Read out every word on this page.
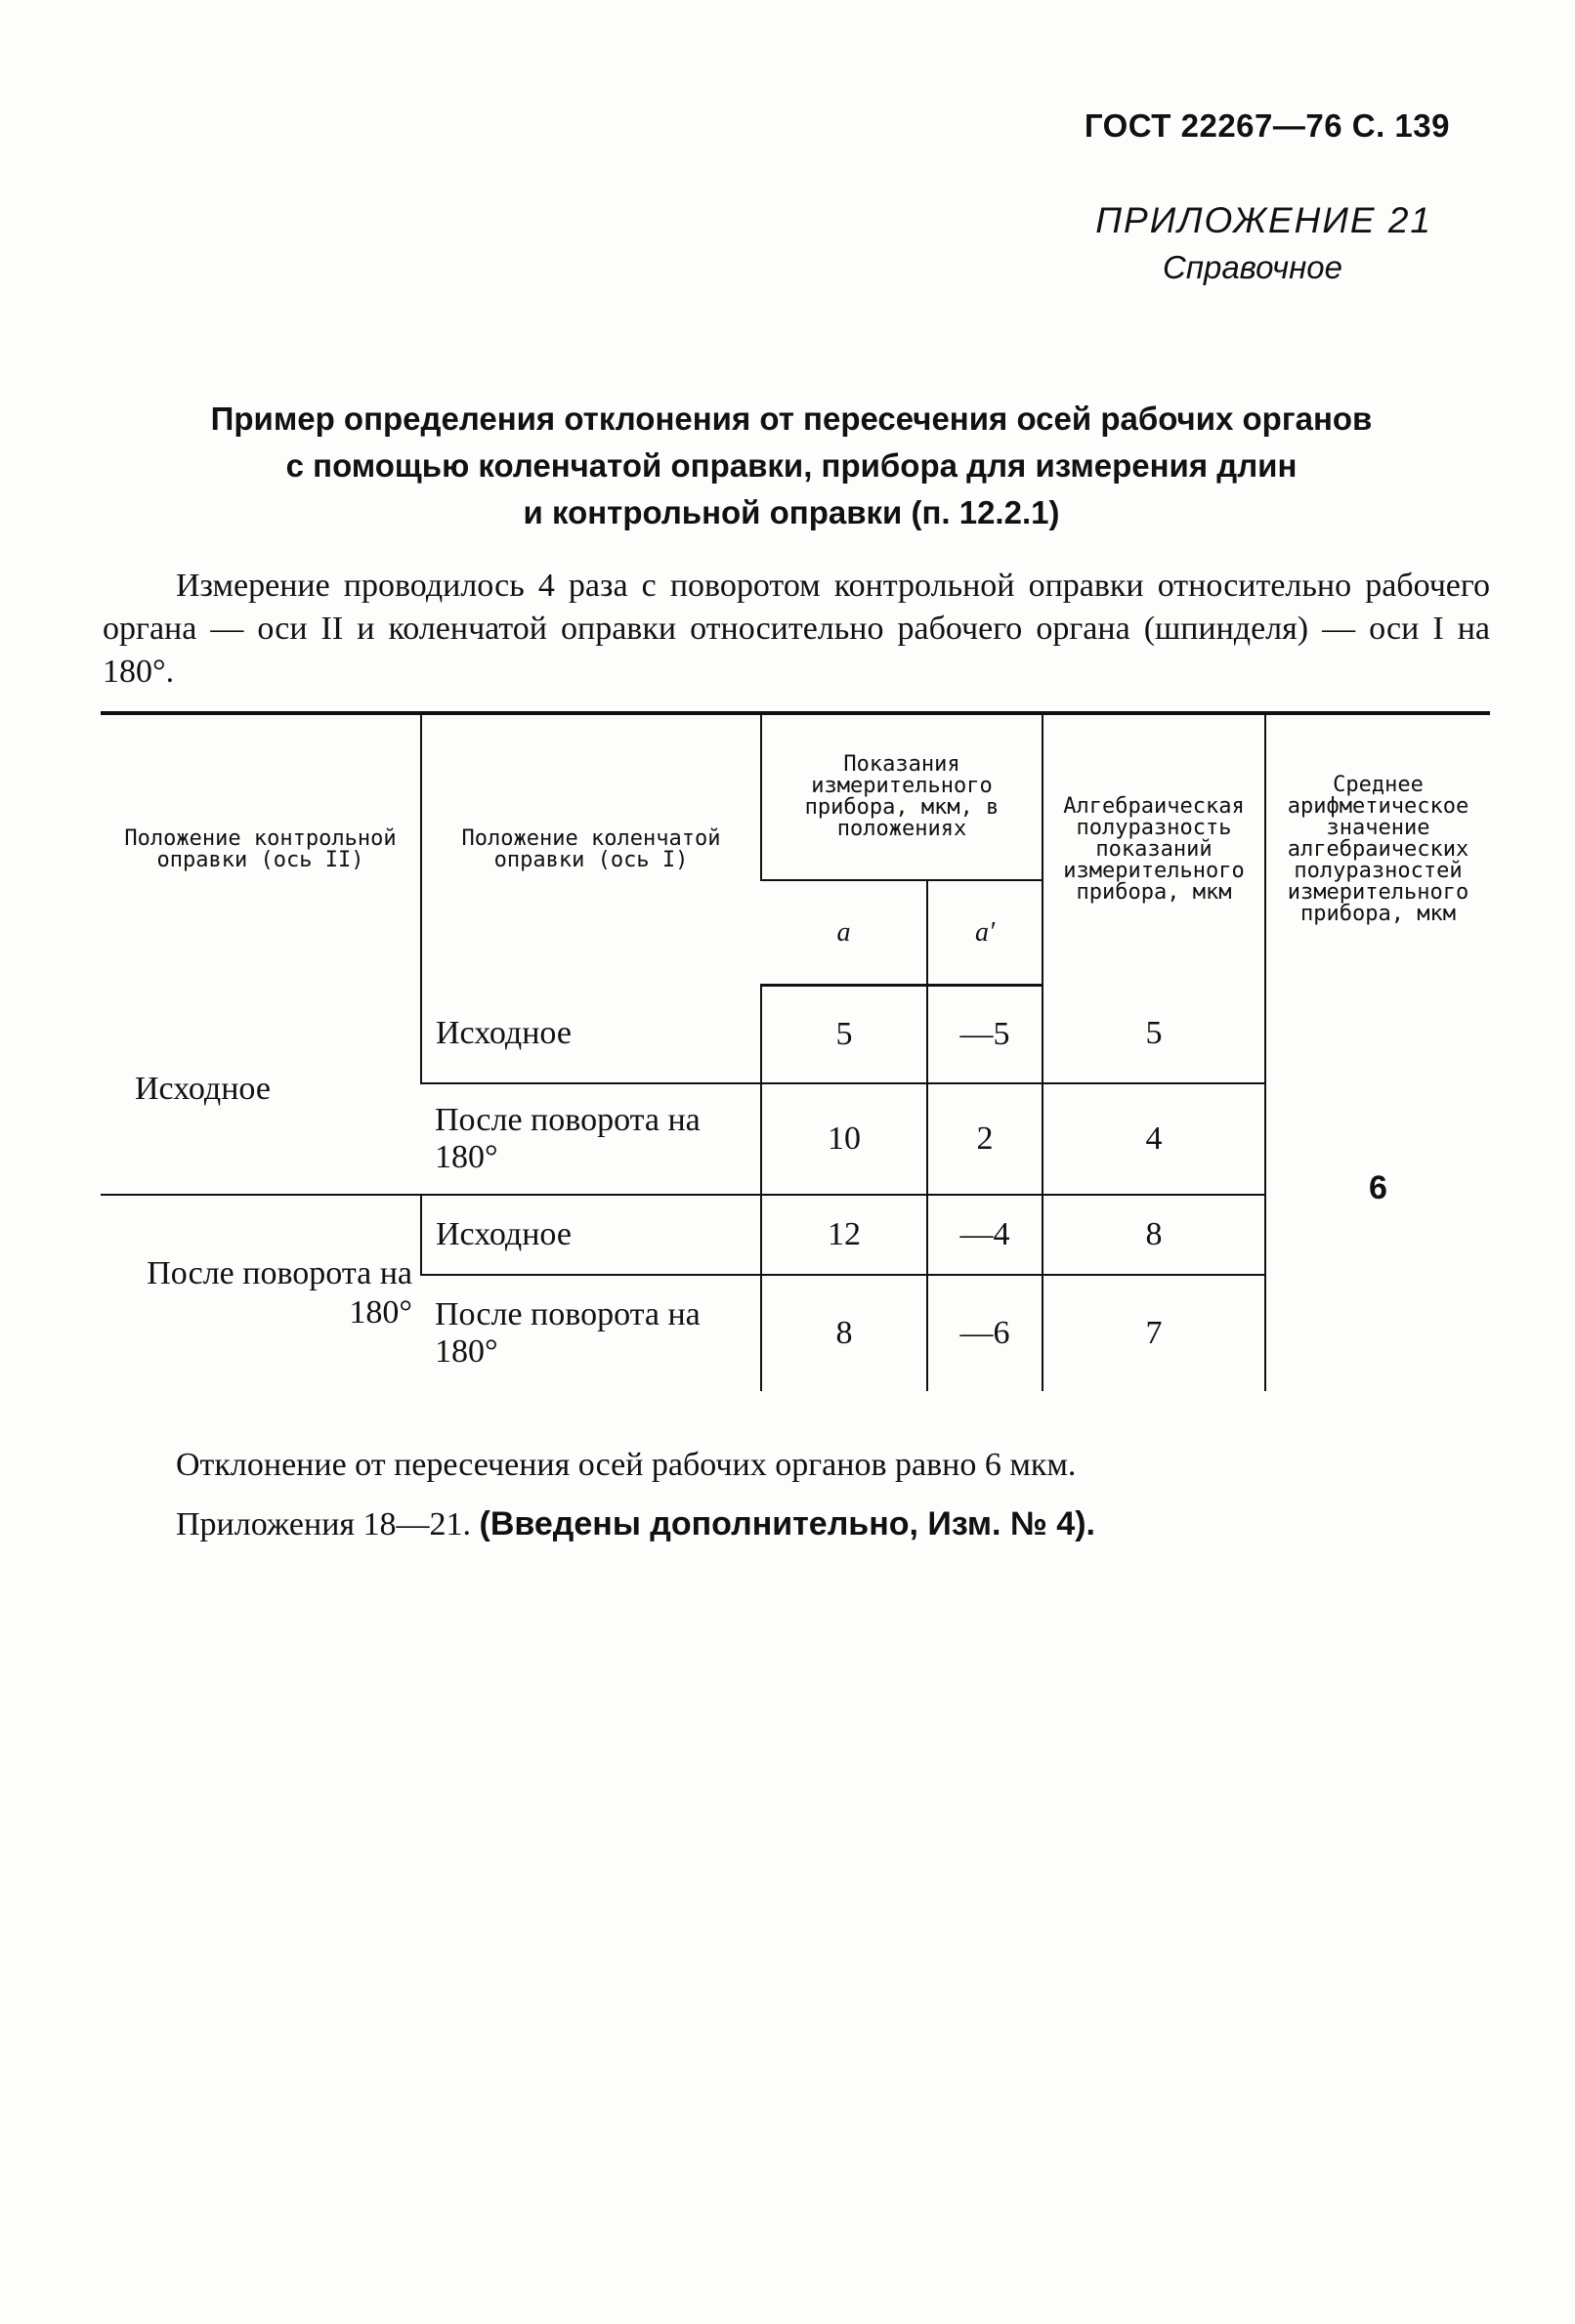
ГОСТ 22267—76 С. 139
ПРИЛОЖЕНИЕ 21
Справочное
Пример определения отклонения от пересечения осей рабочих органов
с помощью коленчатой оправки, прибора для измерения длин
и контрольной оправки (п. 12.2.1)

Измерение проводилось 4 раза с поворотом контрольной оправки относительно рабочего органа — оси II и коленчатой оправки относительно рабочего органа (шпинделя) — оси I на 180°.

Положение контрольной оправки (ось II)	Положение коленчатой оправки (ось I)	Показания измерительного прибора, мкм, в положениях		Алгебраическая полуразность показаний измерительного прибора, мкм	Среднее арифметическое значение алгебраических полуразностей измерительного прибора, мкм
		a	a′		
Исходное	Исходное	5	—5	5	6
	После поворота на 180°	10	2	4	
После поворота на 180°	Исходное	12	—4	8	
	После поворота на 180°	8	—6	7	

Отклонение от пересечения осей рабочих органов равно 6 мкм.

Приложения 18—21. (Введены дополнительно, Изм. № 4).
